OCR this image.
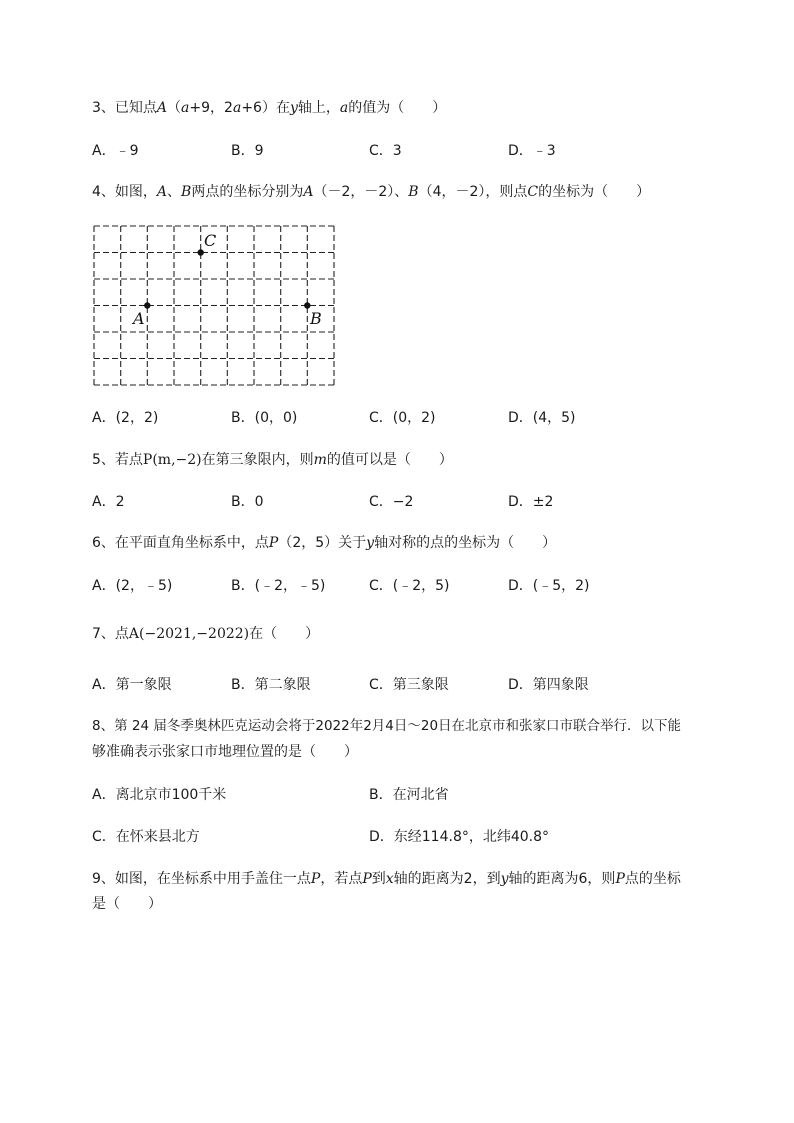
3、已知点A（a+9，2a+6）在y轴上，a的值为（　　）
A．﹣9	B．9	C．3	D．﹣3
4、如图，A、B两点的坐标分别为A（－2，－2）、B（4，－2），则点C的坐标为（　　）
C
A	B
A．(2，2)	B．(0，0)	C．(0，2)	D．(4，5)
5、若点P(m,−2)在第三象限内，则m的值可以是（　　）
A．2	B．0	C．−2	D．±2
6、在平面直角坐标系中，点P（2，5）关于y轴对称的点的坐标为（　　）
A．(2，﹣5)	B．(﹣2，﹣5)	C．(﹣2，5)	D．(﹣5，2)
7、点A(−2021,−2022)在（　　）
A．第一象限	B．第二象限	C．第三象限	D．第四象限
8、第 24 届冬季奥林匹克运动会将于2022年2月4日～20日在北京市和张家口市联合举行．以下能
够准确表示张家口市地理位置的是（　　）
A．离北京市100千米	B．在河北省
C．在怀来县北方	D．东经114.8°，北纬40.8°
9、如图，在坐标系中用手盖住一点P，若点P到x轴的距离为2，到y轴的距离为6，则P点的坐标
是（　　）
